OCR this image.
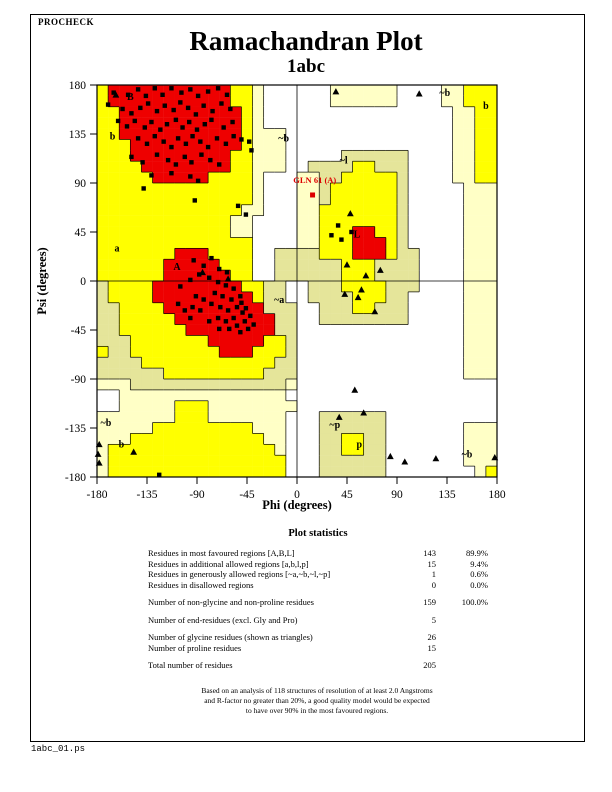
PROCHECK
Ramachandran Plot
1abc
B
b	~b
~l
b
~b
a
A
L
~a
~b
b
~p
p
~b
GLN 61 (A)
-180	-135	-90	-45	0	45	90	135	180
180
135
90
45
0
-45
-90
-135
-180
Phi (degrees)
Psi (degrees)
Plot statistics
Residues in most favoured regions [A,B,L]	143	89.9%
Residues in additional allowed regions [a,b,l,p]	15	9.4%
Residues in generously allowed regions [~a,~b,~l,~p]	1	0.6%
Residues in disallowed regions	0	0.0%
Number of non-glycine and non-proline residues	159	100.0%
Number of end-residues (excl. Gly and Pro)	5
Number of glycine residues (shown as triangles)	26
Number of proline residues	15
Total number of residues	205
Based on an analysis of 118 structures of resolution of at least 2.0 Angstroms
and R-factor no greater than 20%, a good quality model would be expected
to have over 90% in the most favoured regions.
1abc_01.ps
